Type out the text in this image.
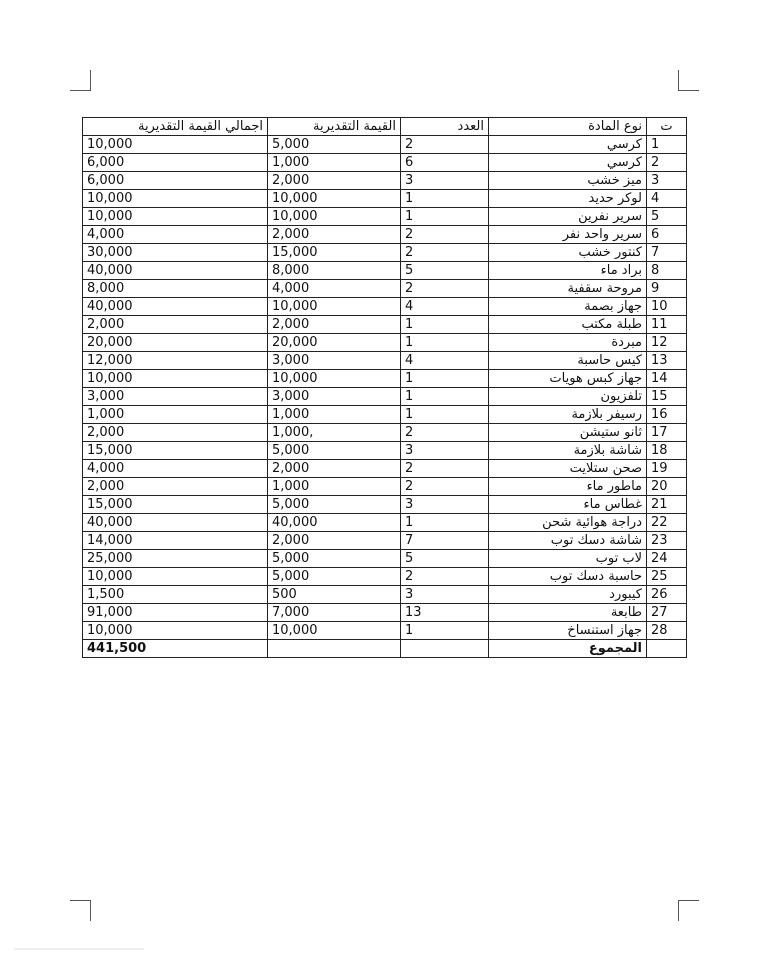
ت	نوع المادة	العدد	القيمة التقديرية	اجمالي القيمة التقديرية
1	كرسي	2	5,000	10,000
2	كرسي	6	1,000	6,000
3	ميز خشب	3	2,000	6,000
4	لوكر حديد	1	10,000	10,000
5	سرير نفرين	1	10,000	10,000
6	سرير واحد نفر	2	2,000	4,000
7	كنتور خشب	2	15,000	30,000
8	براد ماء	5	8,000	40,000
9	مروحة سقفية	2	4,000	8,000
10	جهاز بصمة	4	10,000	40,000
11	طبلة مكتب	1	2,000	2,000
12	مبردة	1	20,000	20,000
13	كيس حاسبة	4	3,000	12,000
14	جهاز كبس هويات	1	10,000	10,000
15	تلفزيون	1	3,000	3,000
16	رسيفر بلازمة	1	1,000	1,000
17	ثانو ستيشن	2	1,000,	2,000
18	شاشة بلازمة	3	5,000	15,000
19	صحن ستلايت	2	2,000	4,000
20	ماطور ماء	2	1,000	2,000
21	غطاس ماء	3	5,000	15,000
22	دراجة هوائية شحن	1	40,000	40,000
23	شاشة دسك توب	7	2,000	14,000
24	لاب توب	5	5,000	25,000
25	حاسبة دسك توب	2	5,000	10,000
26	كيبورد	3	500	1,500
27	طابعة	13	7,000	91,000
28	جهاز استنساخ	1	10,000	10,000
	المجموع			441,500
